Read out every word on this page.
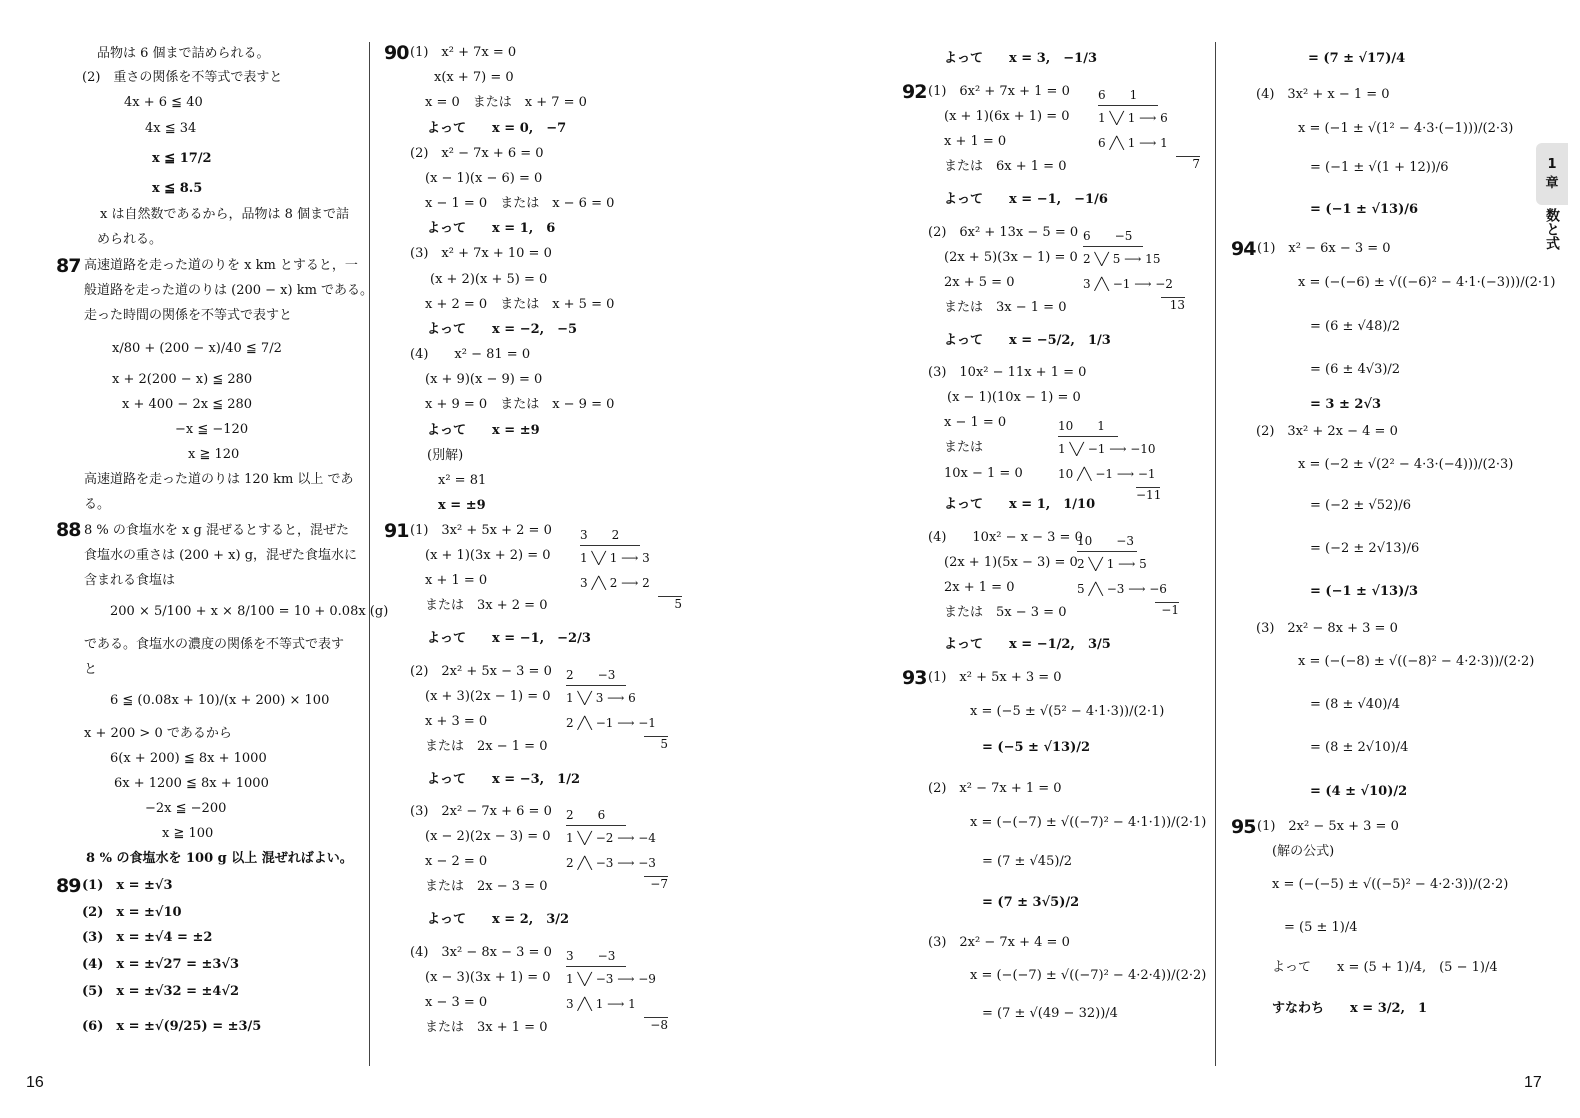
16	17
1
章
数と式
品物は 6 個まで詰められる。
(2)　重さの関係を不等式で表すと
4x + 6 ≦ 40
4x ≦ 34
x ≦ 17/2
x ≦ 8.5
x は自然数であるから，品物は 8 個まで詰
められる。
87 高速道路を走った道のりを x km とすると，一
般道路を走った道のりは (200 − x) km である。
走った時間の関係を不等式で表すと
x/80 + (200 − x)/40 ≦ 7/2
x + 2(200 − x) ≦ 280
x + 400 − 2x ≦ 280
−x ≦ −120
x ≧ 120
高速道路を走った道のりは 120 km 以上 であ
る。
88 8 % の食塩水を x g 混ぜるとすると，混ぜた
食塩水の重さは (200 + x) g，混ぜた食塩水に
含まれる食塩は
200 × 5/100 + x × 8/100 = 10 + 0.08x (g)
である。食塩水の濃度の関係を不等式で表す
と
6 ≦ (0.08x + 10)/(x + 200) × 100
x + 200 > 0 であるから
6(x + 200) ≦ 8x + 1000
6x + 1200 ≦ 8x + 1000
−2x ≦ −200
x ≧ 100
8 % の食塩水を 100 g 以上 混ぜればよい。
89 (1)　x = ±√3
(2)　x = ±√10
(3)　x = ±√4 = ±2
(4)　x = ±√27 = ±3√3
(5)　x = ±√32 = ±4√2
(6)　x = ±√(9/25) = ±3/5
90 (1)　x² + 7x = 0
x(x + 7) = 0
x = 0　または　x + 7 = 0
よって　　x = 0,　−7
(2)　x² − 7x + 6 = 0
(x − 1)(x − 6) = 0
x − 1 = 0　または　x − 6 = 0
よって　　x = 1,　6
(3)　x² + 7x + 10 = 0
(x + 2)(x + 5) = 0
x + 2 = 0　または　x + 5 = 0
よって　　x = −2,　−5
(4)　　x² − 81 = 0
(x + 9)(x − 9) = 0
x + 9 = 0　または　x − 9 = 0
よって　　x = ±9
(別解)
x² = 81
x = ±9
91 (1)　3x² + 5x + 2 = 0
(x + 1)(3x + 2) = 0
x + 1 = 0
または　3x + 2 = 0
よって　　x = −1,　−2/3
(2)　2x² + 5x − 3 = 0
(x + 3)(2x − 1) = 0
x + 3 = 0
または　2x − 1 = 0
よって　　x = −3,　1/2
(3)　2x² − 7x + 6 = 0
(x − 2)(2x − 3) = 0
x − 2 = 0
または　2x − 3 = 0
よって　　x = 2,　3/2
(4)　3x² − 8x − 3 = 0
(x − 3)(3x + 1) = 0
x − 3 = 0
または　3x + 1 = 0
よって　　x = 3,　−1/3
92 (1)　6x² + 7x + 1 = 0
(x + 1)(6x + 1) = 0
x + 1 = 0
または　6x + 1 = 0
よって　　x = −1,　−1/6
(2)　6x² + 13x − 5 = 0
(2x + 5)(3x − 1) = 0
2x + 5 = 0
または　3x − 1 = 0
よって　　x = −5/2,　1/3
(3)　10x² − 11x + 1 = 0
(x − 1)(10x − 1) = 0
x − 1 = 0
または
10x − 1 = 0
よって　　x = 1,　1/10
(4)　　10x² − x − 3 = 0
(2x + 1)(5x − 3) = 0
2x + 1 = 0
または　5x − 3 = 0
よって　　x = −1/2,　3/5
93 (1)　x² + 5x + 3 = 0
x = (−5 ± √(5² − 4·1·3))/(2·1)
= (−5 ± √13)/2
(2)　x² − 7x + 1 = 0
x = (−(−7) ± √((−7)² − 4·1·1))/(2·1)
= (7 ± √45)/2
= (7 ± 3√5)/2
(3)　2x² − 7x + 4 = 0
x = (−(−7) ± √((−7)² − 4·2·4))/(2·2)
= (7 ± √(49 − 32))/4
= (7 ± √17)/4
(4)　3x² + x − 1 = 0
x = (−1 ± √(1² − 4·3·(−1)))/(2·3)
= (−1 ± √(1 + 12))/6
= (−1 ± √13)/6
94 (1)　x² − 6x − 3 = 0
x = (−(−6) ± √((−6)² − 4·1·(−3)))/(2·1)
= (6 ± √48)/2
= (6 ± 4√3)/2
= 3 ± 2√3
(2)　3x² + 2x − 4 = 0
x = (−2 ± √(2² − 4·3·(−4)))/(2·3)
= (−2 ± √52)/6
= (−2 ± 2√13)/6
= (−1 ± √13)/3
(3)　2x² − 8x + 3 = 0
x = (−(−8) ± √((−8)² − 4·2·3))/(2·2)
= (8 ± √40)/4
= (8 ± 2√10)/4
= (4 ± √10)/2
95 (1)　2x² − 5x + 3 = 0
(解の公式)
x = (−(−5) ± √((−5)² − 4·2·3))/(2·2)
= (5 ± 1)/4
よって　　x = (5 + 1)/4,　(5 − 1)/4
すなわち　　x = 3/2,　1
3　　2
1 ╲╱ 1 ⟶ 3
3 ╱╲ 2 ⟶ 2
5
2　　−3
1 ╲╱ 3 ⟶ 6
2 ╱╲ −1 ⟶ −1
5
2　　6
1 ╲╱ −2 ⟶ −4
2 ╱╲ −3 ⟶ −3
−7
3　　−3
1 ╲╱ −3 ⟶ −9
3 ╱╲ 1 ⟶ 1
−8
6　　1
1 ╲╱ 1 ⟶ 6
6 ╱╲ 1 ⟶ 1
7
6　　−5
2 ╲╱ 5 ⟶ 15
3 ╱╲ −1 ⟶ −2
13
10　　1
1 ╲╱ −1 ⟶ −10
10 ╱╲ −1 ⟶ −1
−11
10　　−3
2 ╲╱ 1 ⟶ 5
5 ╱╲ −3 ⟶ −6
−1
